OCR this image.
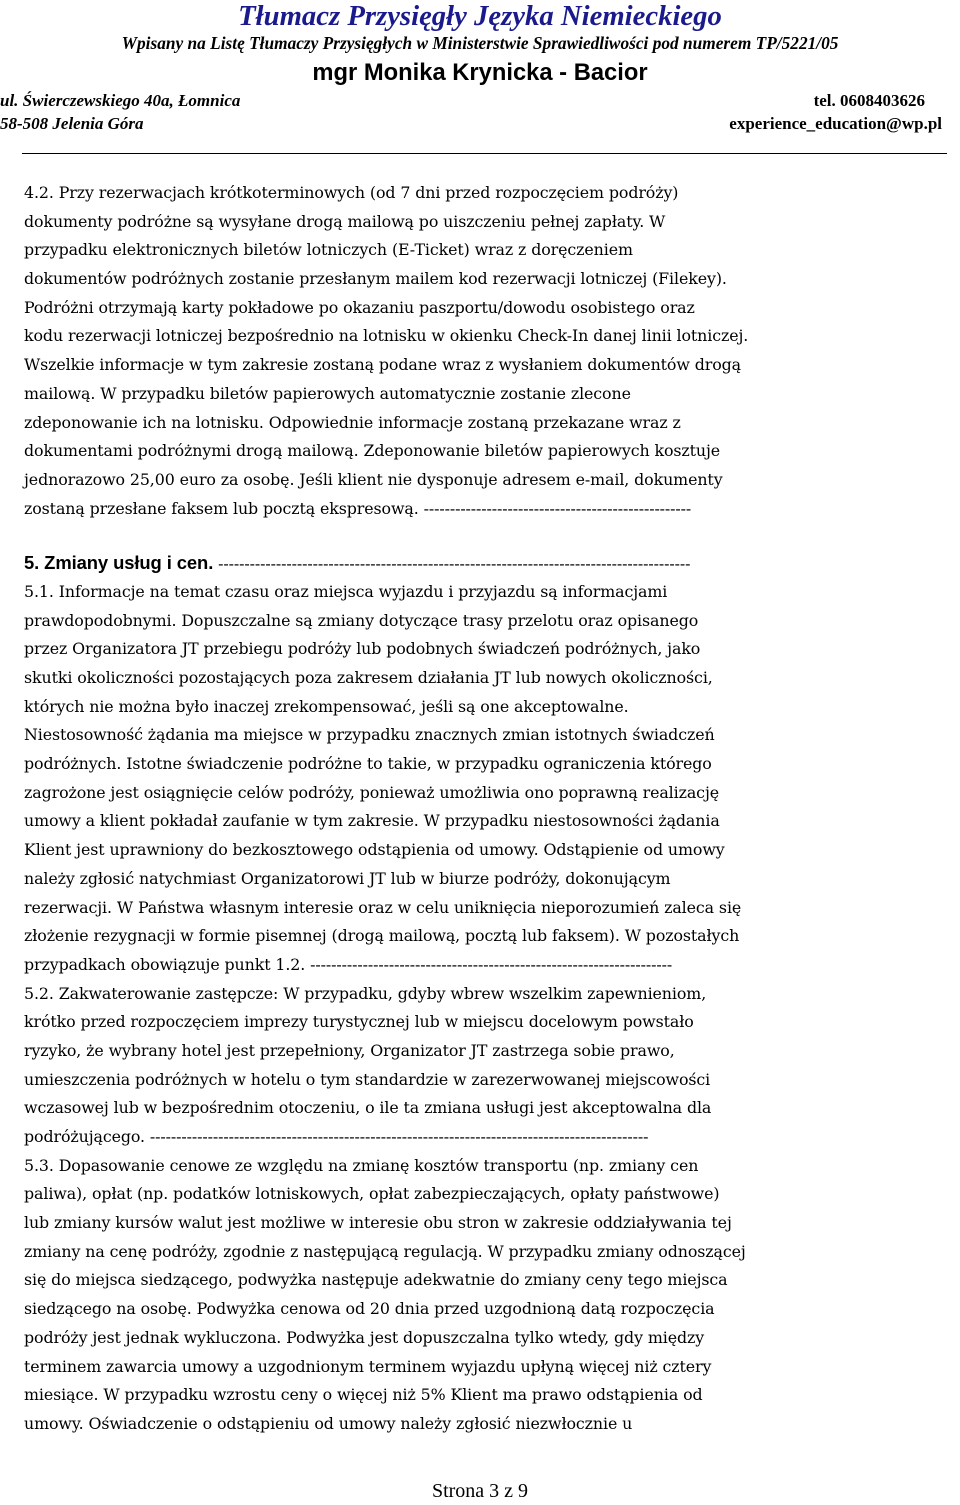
Tłumacz Przysięgły Języka Niemieckiego
Wpisany na Listę Tłumaczy Przysięgłych w Ministerstwie Sprawiedliwości pod numerem TP/5221/05
mgr Monika Krynicka - Bacior
ul. Świerczewskiego 40a, Łomnica	tel. 0608403626
58-508 Jelenia Góra	experience_education@wp.pl
4.2. Przy rezerwacjach krótkoterminowych (od 7 dni przed rozpoczęciem podróży)
dokumenty podróżne są wysyłane drogą mailową po uiszczeniu pełnej zapłaty. W
przypadku elektronicznych biletów lotniczych (E-Ticket) wraz z doręczeniem
dokumentów podróżnych zostanie przesłanym mailem kod rezerwacji lotniczej (Filekey).
Podróżni otrzymają karty pokładowe po okazaniu paszportu/dowodu osobistego oraz
kodu rezerwacji lotniczej bezpośrednio na lotnisku w okienku Check-In danej linii lotniczej.
Wszelkie informacje w tym zakresie zostaną podane wraz z wysłaniem dokumentów drogą
mailową. W przypadku biletów papierowych automatycznie zostanie zlecone
zdeponowanie ich na lotnisku. Odpowiednie informacje zostaną przekazane wraz z
dokumentami podróżnymi drogą mailową. Zdeponowanie biletów papierowych kosztuje
jednorazowo 25,00 euro za osobę. Jeśli klient nie dysponuje adresem e-mail, dokumenty
zostaną przesłane faksem lub pocztą ekspresową. ---------------------------------------------------
5. Zmiany usług i cen. ------------------------------------------------------------------------------------------
5.1. Informacje na temat czasu oraz miejsca wyjazdu i przyjazdu są informacjami
prawdopodobnymi. Dopuszczalne są zmiany dotyczące trasy przelotu oraz opisanego
przez Organizatora JT przebiegu podróży lub podobnych świadczeń podróżnych, jako
skutki okoliczności pozostających poza zakresem działania JT lub nowych okoliczności,
których nie można było inaczej zrekompensować, jeśli są one akceptowalne.
Niestosowność żądania ma miejsce w przypadku znacznych zmian istotnych świadczeń
podróżnych. Istotne świadczenie podróżne to takie, w przypadku ograniczenia którego
zagrożone jest osiągnięcie celów podróży, ponieważ umożliwia ono poprawną realizację
umowy a klient pokładał zaufanie w tym zakresie. W przypadku niestosowności żądania
Klient jest uprawniony do bezkosztowego odstąpienia od umowy. Odstąpienie od umowy
należy zgłosić natychmiast Organizatorowi JT lub w biurze podróży, dokonującym
rezerwacji. W Państwa własnym interesie oraz w celu uniknięcia nieporozumień zaleca się
złożenie rezygnacji w formie pisemnej (drogą mailową, pocztą lub faksem). W pozostałych
przypadkach obowiązuje punkt 1.2. ---------------------------------------------------------------------
5.2. Zakwaterowanie zastępcze: W przypadku, gdyby wbrew wszelkim zapewnieniom,
krótko przed rozpoczęciem imprezy turystycznej lub w miejscu docelowym powstało
ryzyko, że wybrany hotel jest przepełniony, Organizator JT zastrzega sobie prawo,
umieszczenia podróżnych w hotelu o tym standardzie w zarezerwowanej miejscowości
wczasowej lub w bezpośrednim otoczeniu, o ile ta zmiana usługi jest akceptowalna dla
podróżującego. -----------------------------------------------------------------------------------------------
5.3. Dopasowanie cenowe ze względu na zmianę kosztów transportu (np. zmiany cen
paliwa), opłat (np. podatków lotniskowych, opłat zabezpieczających, opłaty państwowe)
lub zmiany kursów walut jest możliwe w interesie obu stron w zakresie oddziaływania tej
zmiany na cenę podróży, zgodnie z następującą regulacją. W przypadku zmiany odnoszącej
się do miejsca siedzącego, podwyżka następuje adekwatnie do zmiany ceny tego miejsca
siedzącego na osobę. Podwyżka cenowa od 20 dnia przed uzgodnioną datą rozpoczęcia
podróży jest jednak wykluczona. Podwyżka jest dopuszczalna tylko wtedy, gdy między
terminem zawarcia umowy a uzgodnionym terminem wyjazdu upłyną więcej niż cztery
miesiące. W przypadku wzrostu ceny o więcej niż 5% Klient ma prawo odstąpienia od
umowy. Oświadczenie o odstąpieniu od umowy należy zgłosić niezwłocznie u
Strona 3 z 9
